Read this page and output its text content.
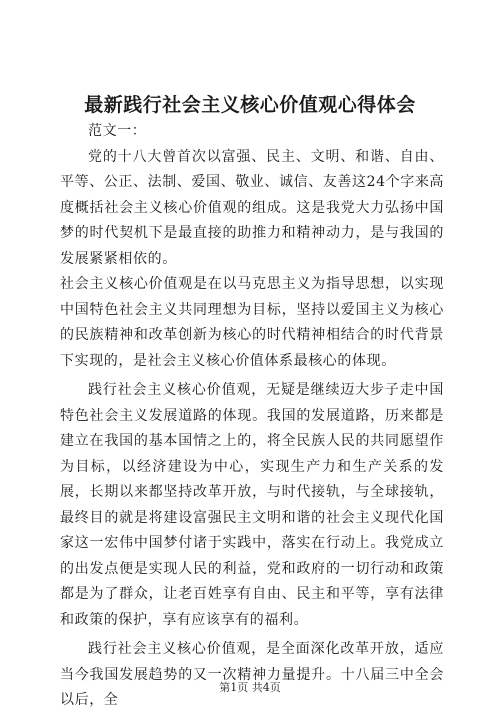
最新践行社会主义核心价值观心得体会

范文一：

党的十八大曾首次以富强、民主、文明、和谐、自由、平等、公正、法制、爱国、敬业、诚信、友善这24个字来高度概括社会主义核心价值观的组成。这是我党大力弘扬中国梦的时代契机下是最直接的助推力和精神动力，是与我国的发展紧紧相依的。

社会主义核心价值观是在以马克思主义为指导思想，以实现中国特色社会主义共同理想为目标，坚持以爱国主义为核心的民族精神和改革创新为核心的时代精神相结合的时代背景下实现的，是社会主义核心价值体系最核心的体现。

践行社会主义核心价值观，无疑是继续迈大步子走中国特色社会主义发展道路的体现。我国的发展道路，历来都是建立在我国的基本国情之上的，将全民族人民的共同愿望作为目标，以经济建设为中心，实现生产力和生产关系的发展，长期以来都坚持改革开放，与时代接轨，与全球接轨，最终目的就是将建设富强民主文明和谐的社会主义现代化国家这一宏伟中国梦付诸于实践中，落实在行动上。我党成立的出发点便是实现人民的利益，党和政府的一切行动和政策都是为了群众，让老百姓享有自由、民主和平等，享有法律和政策的保护，享有应该享有的福利。

践行社会主义核心价值观，是全面深化改革开放，适应当今我国发展趋势的又一次精神力量提升。十八届三中全会以后，全

第1页 共4页
